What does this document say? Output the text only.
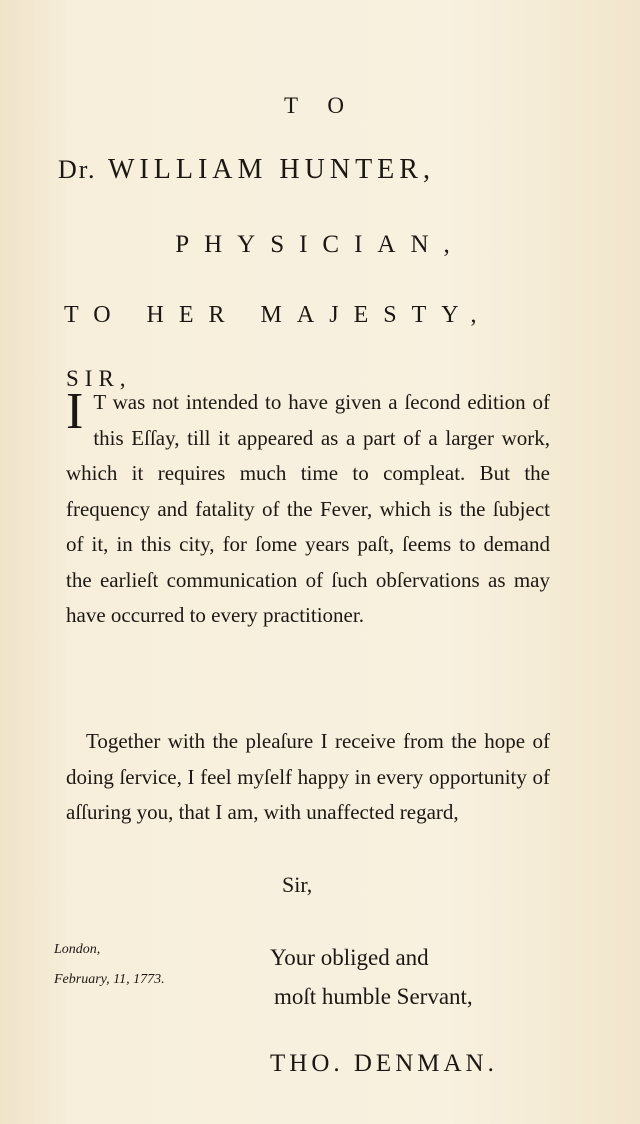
T O
Dr. WILLIAM HUNTER,
PHYSICIAN,
TO HER MAJESTY,
SIR,
I T was not intended to have given a ſecond edition of this Eſſay, till it appeared as a part of a larger work, which it requires much time to compleat. But the frequency and fatality of the Fever, which is the ſubject of it, in this city, for ſome years paſt, ſeems to demand the earlieſt communication of ſuch obſervations as may have occurred to every practitioner.
Together with the pleaſure I receive from the hope of doing ſervice, I feel myſelf happy in every opportunity of aſſuring you, that I am, with unaffected regard,
Sir,
London,
February, 11, 1773.
Your obliged and
moſt humble Servant,
THO. DENMAN.
